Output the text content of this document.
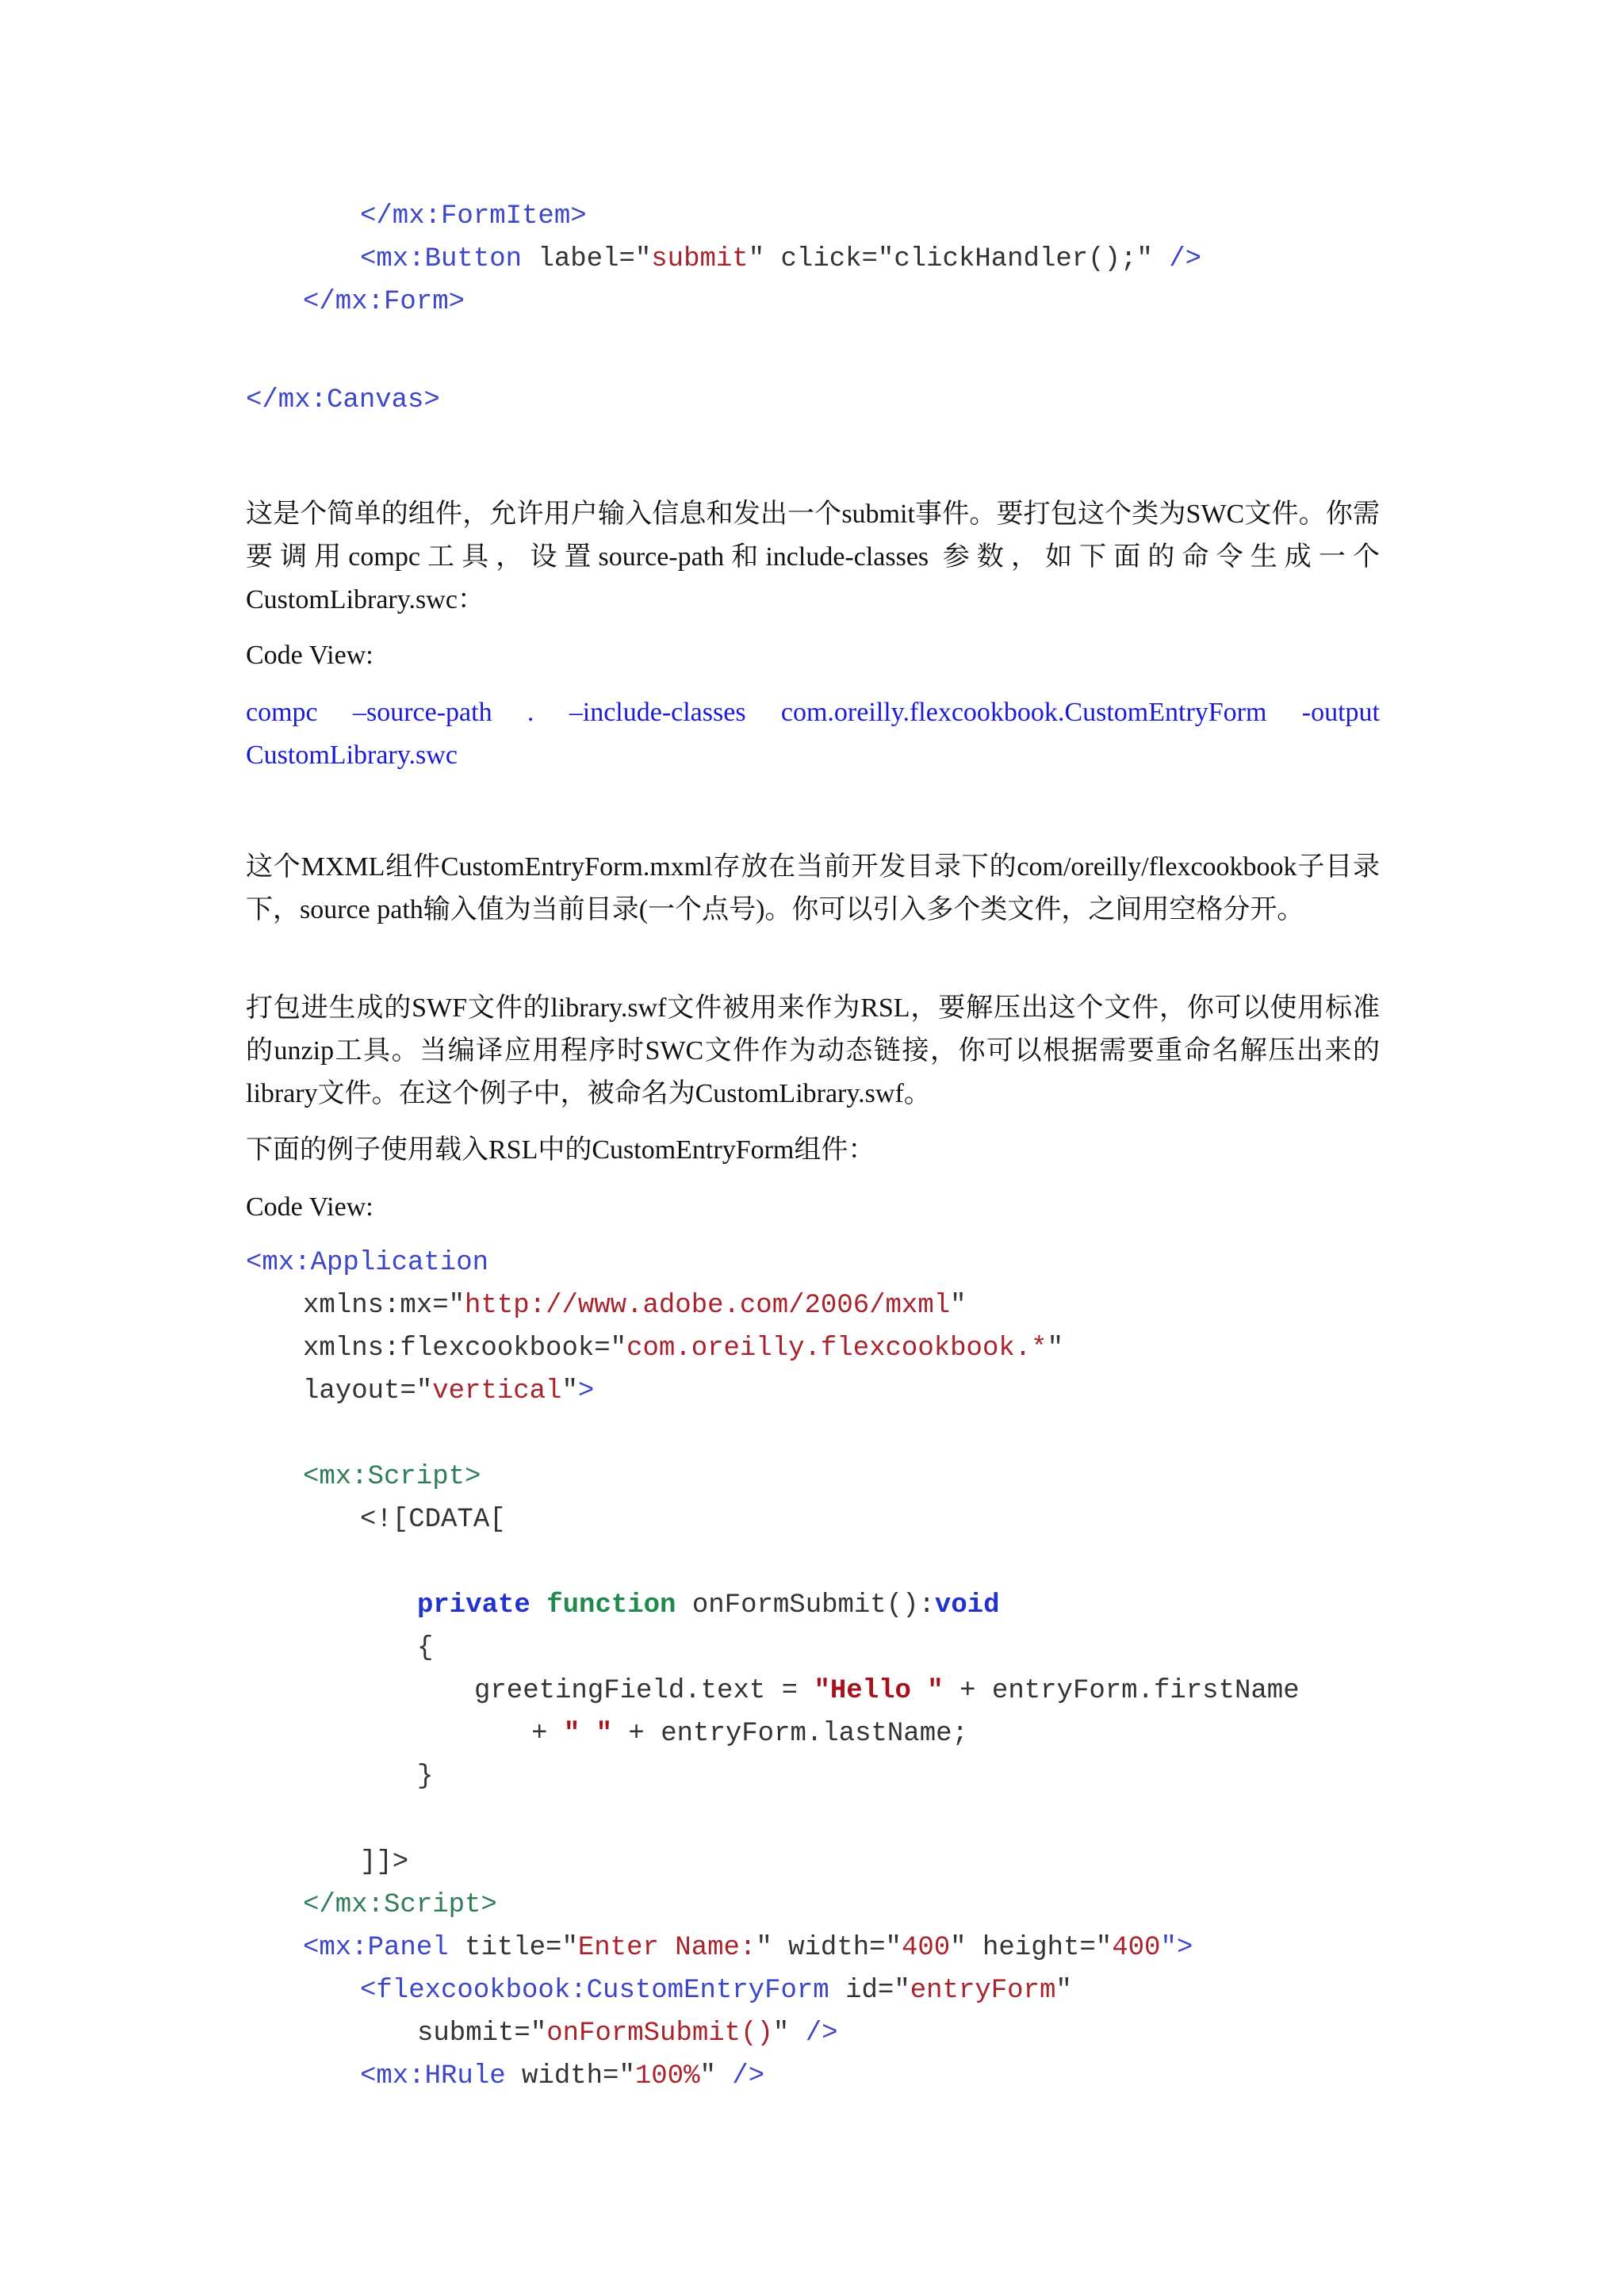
</mx:FormItem>
<mx:Button label="submit" click="clickHandler();" />
</mx:Form>
</mx:Canvas>
这是个简单的组件，允许用户输入信息和发出一个submit事件。要打包这个类为SWC文件。你需要调用compc工具，设置source-path和include-classes 参数，如下面的命令生成一个CustomLibrary.swc：
Code View:
compc –source-path . –include-classes com.oreilly.flexcookbook.CustomEntryForm -output CustomLibrary.swc
这个MXML组件CustomEntryForm.mxml存放在当前开发目录下的com/oreilly/flexcookbook子目录下，source path输入值为当前目录(一个点号)。你可以引入多个类文件，之间用空格分开。
打包进生成的SWF文件的library.swf文件被用来作为RSL，要解压出这个文件，你可以使用标准的unzip工具。当编译应用程序时SWC文件作为动态链接，你可以根据需要重命名解压出来的library文件。在这个例子中，被命名为CustomLibrary.swf。
下面的例子使用载入RSL中的CustomEntryForm组件：
Code View:
<mx:Application
xmlns:mx="http://www.adobe.com/2006/mxml"
xmlns:flexcookbook="com.oreilly.flexcookbook.*"
layout="vertical">
<mx:Script>
<![CDATA[
private function onFormSubmit():void
{
greetingField.text = "Hello " + entryForm.firstName
+ " " + entryForm.lastName;
}
]]>
</mx:Script>
<mx:Panel title="Enter Name:" width="400" height="400">
<flexcookbook:CustomEntryForm id="entryForm"
submit="onFormSubmit()" />
<mx:HRule width="100%" />
